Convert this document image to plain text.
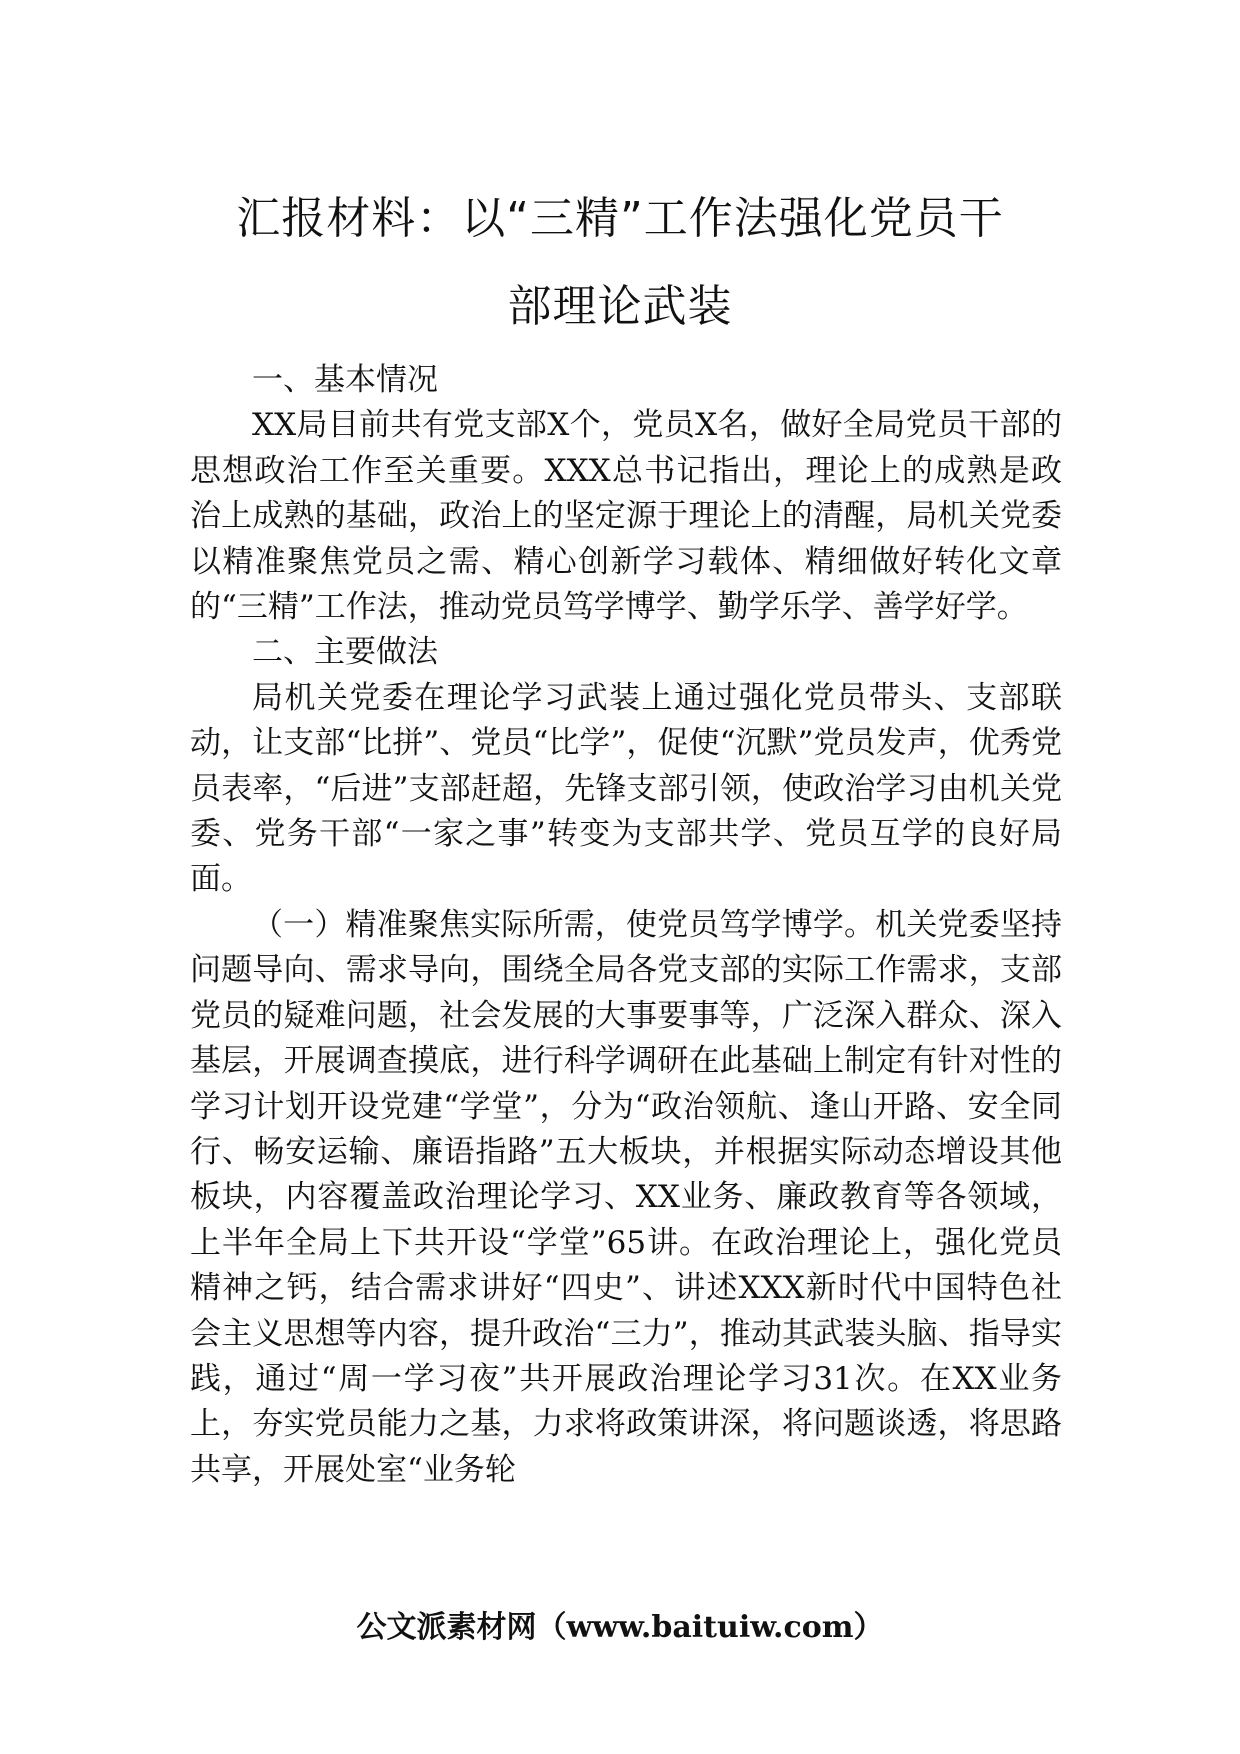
汇报材料：以“三精”工作法强化党员干
部理论武装
一、基本情况

XX局目前共有党支部X个，党员X名，做好全局党员干部的思想政治工作至关重要。XXX总书记指出，理论上的成熟是政治上成熟的基础，政治上的坚定源于理论上的清醒，局机关党委以精准聚焦党员之需、精心创新学习载体、精细做好转化文章的“三精”工作法，推动党员笃学博学、勤学乐学、善学好学。

二、主要做法

局机关党委在理论学习武装上通过强化党员带头、支部联动，让支部“比拼”、党员“比学”，促使“沉默”党员发声，优秀党员表率，“后进”支部赶超，先锋支部引领，使政治学习由机关党委、党务干部“一家之事”转变为支部共学、党员互学的良好局面。

（一）精准聚焦实际所需，使党员笃学博学。机关党委坚持问题导向、需求导向，围绕全局各党支部的实际工作需求，支部党员的疑难问题，社会发展的大事要事等，广泛深入群众、深入基层，开展调查摸底，进行科学调研在此基础上制定有针对性的学习计划开设党建“学堂”，分为“政治领航、逢山开路、安全同行、畅安运输、廉语指路”五大板块，并根据实际动态增设其他板块，内容覆盖政治理论学习、XX业务、廉政教育等各领域，上半年全局上下共开设“学堂”65讲。在政治理论上，强化党员精神之钙，结合需求讲好“四史”、讲述XXX新时代中国特色社会主义思想等内容，提升政治“三力”，推动其武装头脑、指导实践，通过“周一学习夜”共开展政治理论学习31次。在XX业务上，夯实党员能力之基，力求将政策讲深，将问题谈透，将思路共享，开展处室“业务轮

公文派素材网（www.baituiw.com）
